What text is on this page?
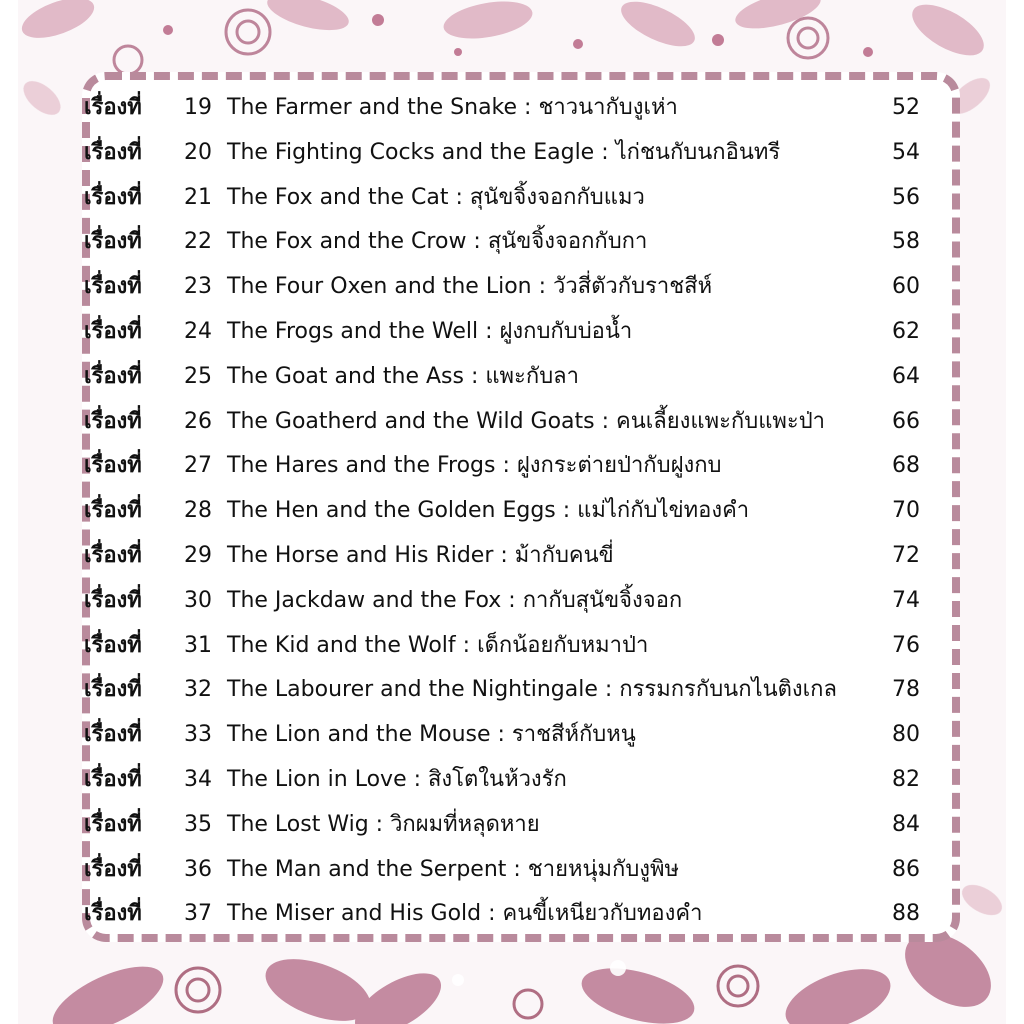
เรื่องที่ 19 The Farmer and the Snake : ชาวนากับงูเห่า	52
เรื่องที่ 20 The Fighting Cocks and the Eagle : ไก่ชนกับนกอินทรี	54
เรื่องที่ 21 The Fox and the Cat : สุนัขจิ้งจอกกับแมว	56
เรื่องที่ 22 The Fox and the Crow : สุนัขจิ้งจอกกับกา	58
เรื่องที่ 23 The Four Oxen and the Lion : วัวสี่ตัวกับราชสีห์	60
เรื่องที่ 24 The Frogs and the Well : ฝูงกบกับบ่อน้ำ	62
เรื่องที่ 25 The Goat and the Ass : แพะกับลา	64
เรื่องที่ 26 The Goatherd and the Wild Goats : คนเลี้ยงแพะกับแพะป่า	66
เรื่องที่ 27 The Hares and the Frogs : ฝูงกระต่ายป่ากับฝูงกบ	68
เรื่องที่ 28 The Hen and the Golden Eggs : แม่ไก่กับไข่ทองคำ	70
เรื่องที่ 29 The Horse and His Rider : ม้ากับคนขี่	72
เรื่องที่ 30 The Jackdaw and the Fox : กากับสุนัขจิ้งจอก	74
เรื่องที่ 31 The Kid and the Wolf : เด็กน้อยกับหมาป่า	76
เรื่องที่ 32 The Labourer and the Nightingale : กรรมกรกับนกไนติงเกล	78
เรื่องที่ 33 The Lion and the Mouse : ราชสีห์กับหนู	80
เรื่องที่ 34 The Lion in Love : สิงโตในห้วงรัก	82
เรื่องที่ 35 The Lost Wig : วิกผมที่หลุดหาย	84
เรื่องที่ 36 The Man and the Serpent : ชายหนุ่มกับงูพิษ	86
เรื่องที่ 37 The Miser and His Gold : คนขี้เหนียวกับทองคำ	88
